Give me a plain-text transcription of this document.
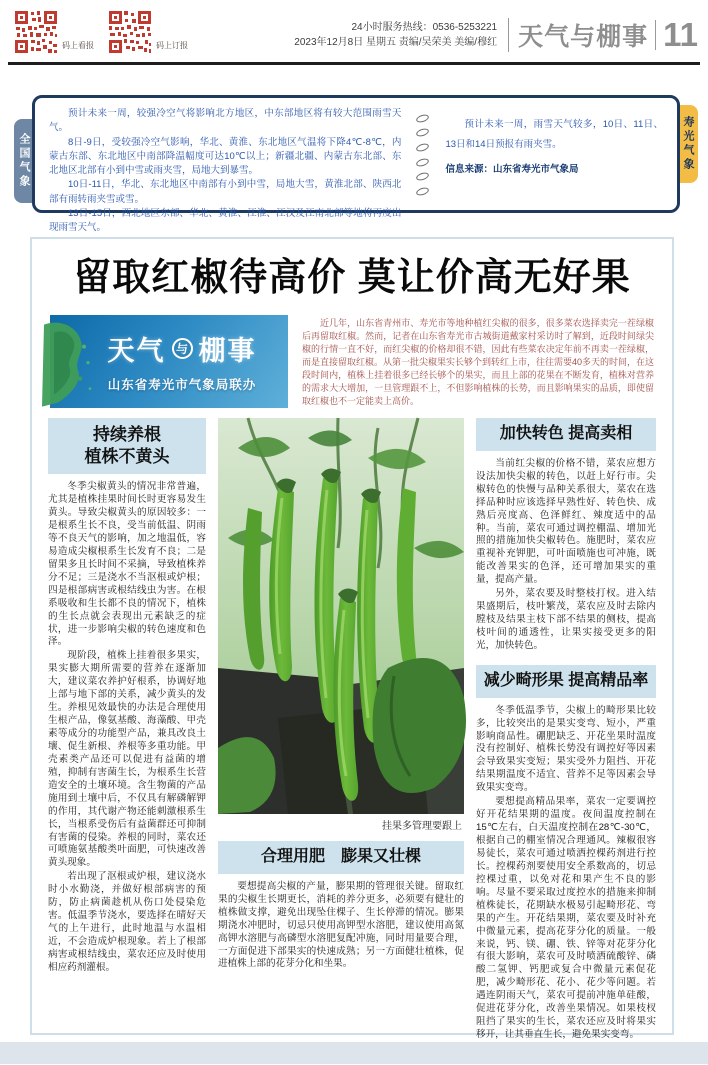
码上看报	码上订报
24小时服务热线：0536-5253221
2023年12月8日 星期五 责编/吴荣美 美编/穆红 天气与棚事 11
全国气象	寿光气象

预计未来一周，较强冷空气将影响北方地区，中东部地区将有较大范围雨雪天气。

8日-9日，受较强冷空气影响，华北、黄淮、东北地区气温将下降4℃-8℃，内蒙古东部、东北地区中南部降温幅度可达10℃以上；新疆北疆、内蒙古东北部、东北地区北部有小到中雪或雨夹雪，局地大到暴雪。

10日-11日，华北、东北地区中南部有小到中雪，局地大雪，黄淮北部、陕西北部有雨转雨夹雪或雪。

13日-15日，西北地区东部、华北、黄淮、江淮、江汉及江南北部等地将再度出现雨雪天气。

预计未来一周，雨雪天气较多，10日、11日、13日和14日预报有雨夹雪。

信息来源：山东省寿光市气象局
留取红椒待高价 莫让价高无好果
天气 与 棚事
山东省寿光市气象局联办

近几年，山东省青州市、寿光市等地种植红尖椒的很多，很多菜农选择卖完一茬绿椒后再留取红椒。然而，记者在山东省寿光市古城街道戴家村采访时了解到，近段时间绿尖椒的行情一直不好，而红尖椒的价格却很不错，因此有些菜农决定年前不再卖一茬绿椒，而是直接留取红椒。从第一批尖椒果实长够个到转红上市，往往需要40多天的时间，在这段时间内，植株上挂着很多已经长够个的果实，而且上部的花果在不断发育，植株对营养的需求大大增加，一旦管理跟不上，不但影响植株的长势，而且影响果实的品质，即使留取红椒也不一定能卖上高价。

持续养根
植株不黄头

冬季尖椒黄头的情况非常普遍，尤其是植株挂果时间长时更容易发生黄头。导致尖椒黄头的原因较多：一是根系生长不良，受当前低温、阴雨等不良天气的影响，加之地温低，容易造成尖椒根系生长发育不良；二是留果多且长时间不采摘，导致植株养分不足；三是浇水不当沤根或炉根；四是根部病害或根结线虫为害。在根系吸收和生长都不良的情况下，植株的生长点就会表现出元素缺乏的症状，进一步影响尖椒的转色速度和色泽。

现阶段，植株上挂着很多果实，果实膨大期所需要的营养在逐渐加大，建议菜农养护好根系，协调好地上部与地下部的关系，减少黄头的发生。养根见效最快的办法是合理使用生根产品，像氨基酸、海藻酸、甲壳素等成分的功能型产品，兼具改良土壤、促生新根、养根等多重功能。甲壳素类产品还可以促进有益菌的增殖，抑制有害菌生长，为根系生长营造安全的土壤环境。含生物菌的产品施用到土壤中后，不仅具有解磷解钾的作用，其代谢产物还能刺激根系生长，当根系受伤后有益菌群还可抑制有害菌的侵染。养根的同时，菜农还可喷施氨基酸类叶面肥，可快速改善黄头现象。

若出现了沤根或炉根，建议浇水时小水勤浇，并做好根部病害的预防，防止病菌趁机从伤口处侵染危害。低温季节浇水，要选择在晴好天气的上午进行，此时地温与水温相近，不会造成炉根现象。若上了根部病害或根结线虫，菜农还应及时使用相应药剂灌根。

挂果多管理要跟上
合理用肥　膨果又壮棵

要想提高尖椒的产量，膨果期的管理很关键。留取红果的尖椒生长期更长，消耗的养分更多，必须要有健壮的植株做支撑，避免出现坠住棵子、生长停滞的情况。膨果期浇水冲肥时，切忌只使用高钾型水溶肥，建议使用高氮高钾水溶肥与高磷型水溶肥复配冲施，同时用量要合理，一方面促进下部果实的快速成熟；另一方面健壮植株，促进植株上部的花芽分化和坐果。

加快转色 提高卖相

当前红尖椒的价格不错，菜农应想方设法加快尖椒的转色，以赶上好行市。尖椒转色的快慢与品种关系很大，菜农在选择品种时应该选择早熟性好、转色快、成熟后亮度高、色泽鲜红、辣度适中的品种。当前，菜农可通过调控棚温、增加光照的措施加快尖椒转色。施肥时，菜农应重视补充钾肥，可叶面喷施也可冲施，既能改善果实的色泽，还可增加果实的重量，提高产量。

另外，菜农要及时整枝打杈。进入结果盛期后，枝叶繁茂，菜农应及时去除内膛枝及结果主枝下部不结果的侧枝，提高枝叶间的通透性，让果实接受更多的阳光，加快转色。

减少畸形果 提高精品率

冬季低温季节，尖椒上的畸形果比较多，比较突出的是果实变弯、短小，严重影响商品性。硼肥缺乏、开花坐果时温度没有控制好、植株长势没有调控好等因素会导致果实变短；果实受外力阻挡、开花结果期温度不适宜、营养不足等因素会导致果实变弯。

要想提高精品果率，菜农一定要调控好开花结果期的温度。夜间温度控制在15℃左右，白天温度控制在28℃-30℃，根据自己的棚室情况合理通风。辣椒很容易徒长，菜农可通过喷洒控棵药剂进行控长。控棵药剂要使用安全系数高的，切忌控棵过重，以免对花和果产生不良的影响。尽量不要采取过度控水的措施来抑制植株徒长，花期缺水极易引起畸形花、弯果的产生。开花结果期，菜农要及时补充中微量元素，提高花芽分化的质量。一般来说，钙、镁、硼、铁、锌等对花芽分化有很大影响，菜农可及时喷洒硫酸锌、磷酸二氢钾、钙肥或复合中微量元素促花肥，减少畸形花、花小、花少等问题。若遇连阴雨天气，菜农可提前冲施单硅酸，促进花芽分化，改善坐果情况。如果枝杈阻挡了果实的生长，菜农还应及时将果实移开，让其垂直生长，避免果实变弯。
